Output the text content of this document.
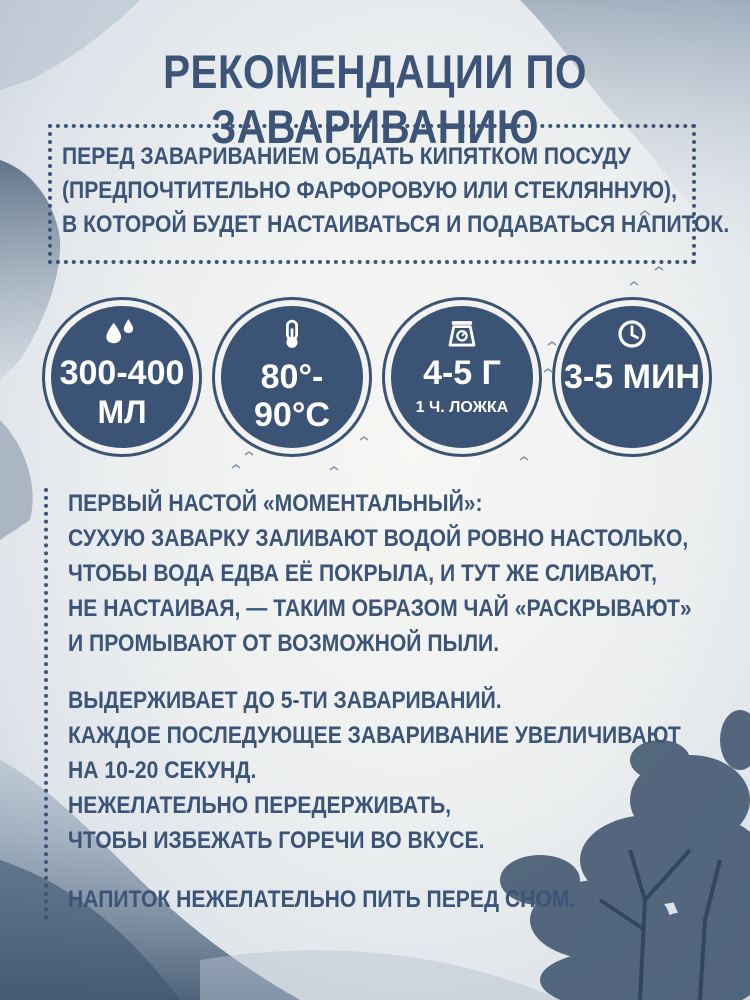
РЕКОМЕНДАЦИИ ПО ЗАВАРИВАНИЮ
ПЕРЕД ЗАВАРИВАНИЕМ ОБДАТЬ КИПЯТКОМ ПОСУДУ
(ПРЕДПОЧТИТЕЛЬНО ФАРФОРОВУЮ ИЛИ СТЕКЛЯННУЮ),
В КОТОРОЙ БУДЕТ НАСТАИВАТЬСЯ И ПОДАВАТЬСЯ НАПИТОК.
300-400
МЛ
80°- 90°C
4-5 Г
1 Ч. ЛОЖКА
3-5 МИН
ПЕРВЫЙ НАСТОЙ «МОМЕНТАЛЬНЫЙ»:
СУХУЮ ЗАВАРКУ ЗАЛИВАЮТ ВОДОЙ РОВНО НАСТОЛЬКО,
ЧТОБЫ ВОДА ЕДВА ЕЁ ПОКРЫЛА, И ТУТ ЖЕ СЛИВАЮТ,
НЕ НАСТАИВАЯ, — ТАКИМ ОБРАЗОМ ЧАЙ «РАСКРЫВАЮТ»
И ПРОМЫВАЮТ ОТ ВОЗМОЖНОЙ ПЫЛИ.
ВЫДЕРЖИВАЕТ ДО 5-ТИ ЗАВАРИВАНИЙ.
КАЖДОЕ ПОСЛЕДУЮЩЕЕ ЗАВАРИВАНИЕ УВЕЛИЧИВАЮТ
НА 10-20 СЕКУНД.
НЕЖЕЛАТЕЛЬНО ПЕРЕДЕРЖИВАТЬ,
ЧТОБЫ ИЗБЕЖАТЬ ГОРЕЧИ ВО ВКУСЕ.
НАПИТОК НЕЖЕЛАТЕЛЬНО ПИТЬ ПЕРЕД СНОМ.
